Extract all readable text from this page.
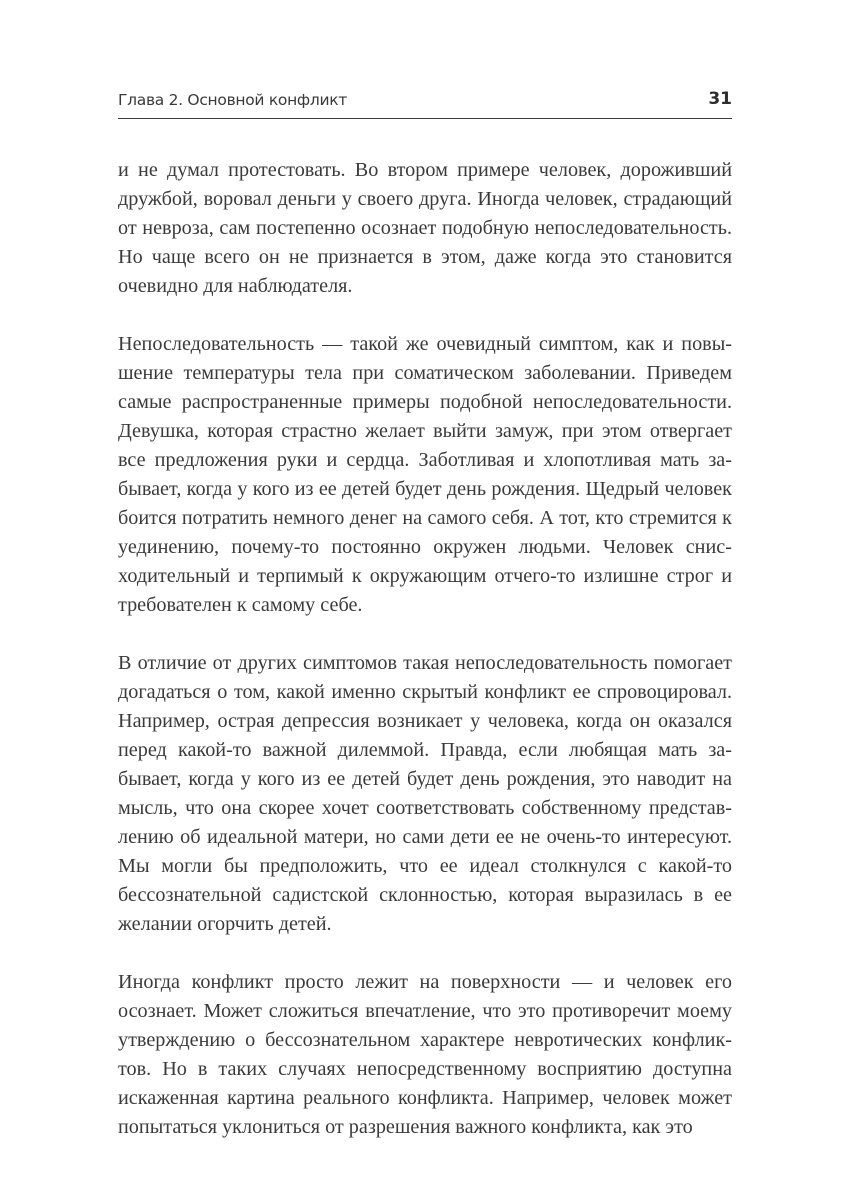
Глава 2. Основной конфликт	31

и не думал протестовать. Во втором примере человек, дороживший дружбой, воровал деньги у своего друга. Иногда человек, страдающий от невроза, сам постепенно осознает подобную непоследовательность. Но чаще всего он не признается в этом, даже когда это становится очевидно для наблюдателя.

Непоследовательность — такой же очевидный симптом, как и повышение температуры тела при соматическом заболевании. Приведем самые распространенные примеры подобной непоследовательности. Девушка, которая страстно желает выйти замуж, при этом отвергает все предложения руки и сердца. Заботливая и хлопотливая мать забывает, когда у кого из ее детей будет день рождения. Щедрый человек боится потратить немного денег на самого себя. А тот, кто стремится к уединению, почему-то постоянно окружен людьми. Человек снисходительный и терпимый к окружающим отчего-то излишне строг и требователен к самому себе.

В отличие от других симптомов такая непоследовательность помогает догадаться о том, какой именно скрытый конфликт ее спровоцировал. Например, острая депрессия возникает у человека, когда он оказался перед какой-то важной дилеммой. Правда, если любящая мать забывает, когда у кого из ее детей будет день рождения, это наводит на мысль, что она скорее хочет соответствовать собственному представлению об идеальной матери, но сами дети ее не очень-то интересуют. Мы могли бы предположить, что ее идеал столкнулся с какой-то бессознательной садистской склонностью, которая выразилась в ее желании огорчить детей.

Иногда конфликт просто лежит на поверхности — и человек его осознает. Может сложиться впечатление, что это противоречит моему утверждению о бессознательном характере невротических конфликтов. Но в таких случаях непосредственному восприятию доступна искаженная картина реального конфликта. Например, человек может попытаться уклониться от разрешения важного конфликта, как это
